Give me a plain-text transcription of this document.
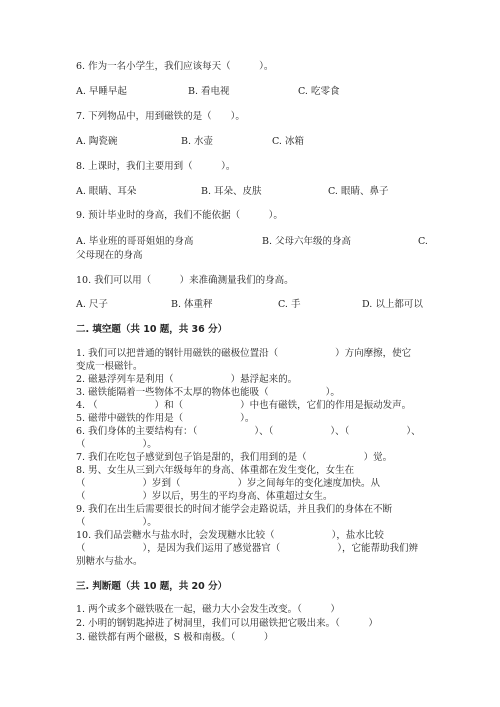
6. 作为一名小学生，我们应该每天（　　　）。
A. 早睡早起	B. 看电视	C. 吃零食
7. 下列物品中，用到磁铁的是（　　）。
A. 陶瓷碗	B. 水壶	C. 冰箱
8. 上课时，我们主要用到（　　　）。
A. 眼睛、耳朵	B. 耳朵、皮肤	C. 眼睛、鼻子
9. 预计毕业时的身高，我们不能依据（　　　）。
A. 毕业班的哥哥姐姐的身高	B. 父母六年级的身高	C.
父母现在的身高
10. 我们可以用（　　　）来准确测量我们的身高。
A. 尺子	B. 体重秤	C. 手	D. 以上都可以
二. 填空题（共 10 题，共 36 分）
1. 我们可以把普通的钢针用磁铁的磁极位置沿（　　　　　　）方向摩擦，使它
变成一根磁针。
2. 磁悬浮列车是利用（　　　　　　）悬浮起来的。
3. 磁铁能隔着一些物体不太厚的物体也能吸（　　　　　　）。
4. （　　　　　　）和（　　　　　　）中也有磁铁，它们的作用是振动发声。
5. 磁带中磁铁的作用是（　　　　　　）。
6. 我们身体的主要结构有：（　　　　　　）、（　　　　　　）、（　　　　　　）、
（　　　　　　）。
7. 我们在吃包子感觉到包子馅是甜的，我们用到的是（　　　　　　）觉。
8. 男、女生从三到六年级每年的身高、体重都在发生变化，女生在
（　　　　　　）岁到（　　　　　　）岁之间每年的变化速度加快。从
（　　　　　　）岁以后，男生的平均身高、体重超过女生。
9. 我们在出生后需要很长的时间才能学会走路说话，并且我们的身体在不断
（　　　　　　）。
10. 我们品尝糖水与盐水时，会发现糖水比较（　　　　　　），盐水比较
（　　　　　　），是因为我们运用了感觉器官（　　　　　　），它能帮助我们辨
别糖水与盐水。
三. 判断题（共 10 题，共 20 分）
1. 两个或多个磁铁吸在一起，磁力大小会发生改变。（　　　）
2. 小明的钢钥匙掉进了树洞里，我们可以用磁铁把它吸出来。（　　　）
3. 磁铁都有两个磁极，S 极和南极。（　　　）
